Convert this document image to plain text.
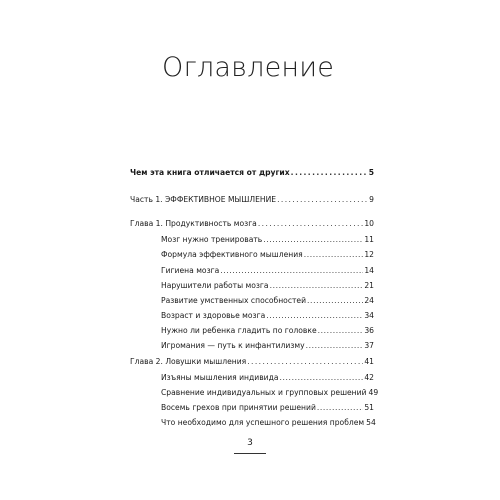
Оглавление
Чем эта книга отличается от других .....	5
Часть 1. ЭФФЕКТИВНОЕ МЫШЛЕНИЕ .....	9
Глава 1. Продуктивность мозга .....	10
Мозг нужно тренировать .....	11
Формула эффективного мышления .....	12
Гигиена мозга .....	14
Нарушители работы мозга .....	21
Развитие умственных способностей .....	24
Возраст и здоровье мозга .....	34
Нужно ли ребенка гладить по головке .....	36
Игромания — путь к инфантилизму .....	37
Глава 2. Ловушки мышления .....	41
Изъяны мышления индивида .....	42
Сравнение индивидуальных и групповых решений 49
Восемь грехов при принятии решений .....	51
Что необходимо для успешного решения проблем 54
3
